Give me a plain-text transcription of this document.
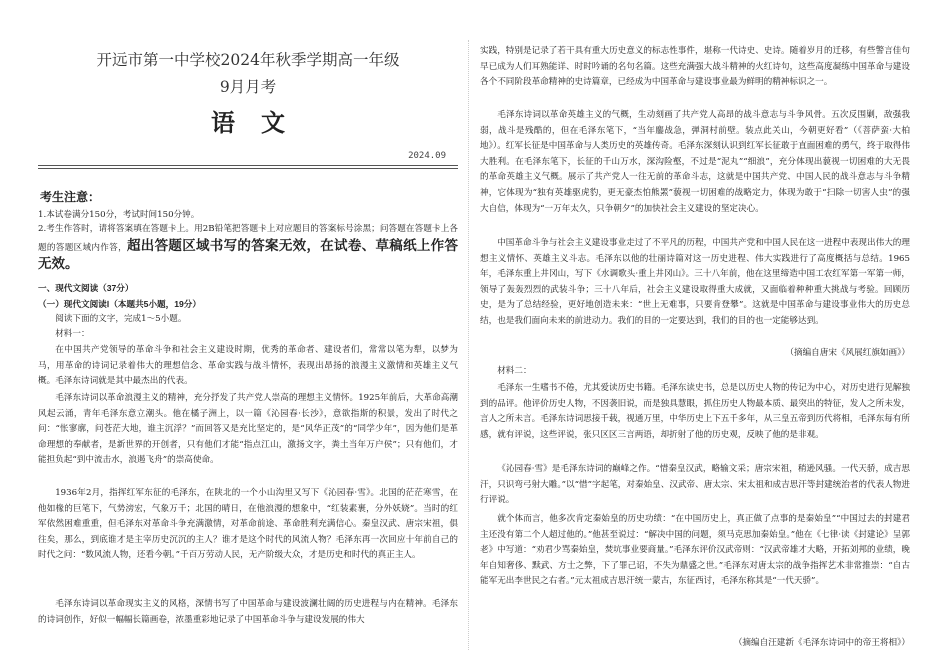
开远市第一中学校2024年秋季学期高一年级
9月月考
语文
2024.09
考生注意：

1.本试卷满分150分，考试时间150分钟。

2.考生作答时，请将答案填在答题卡上。用2B铅笔把答题卡上对应题目的答案标号涂黑；问答题在答题卡上各题的答题区域内作答，超出答题区域书写的答案无效，在试卷、草稿纸上作答无效。

一、现代文阅读（37分）
（一）现代文阅读Ⅰ（本题共5小题，19分）

阅读下面的文字，完成1～5小题。

材料一：

在中国共产党领导的革命斗争和社会主义建设时期，优秀的革命者、建设者们，常常以笔为犁，以梦为马，用革命的诗词记录着伟大的理想信念、革命实践与战斗情怀，表现出昂扬的浪漫主义激情和英雄主义气概。毛泽东诗词就是其中最杰出的代表。

毛泽东诗词以革命浪漫主义的精神，充分抒发了共产党人崇高的理想主义情怀。1925年前后，大革命高潮风起云涌，青年毛泽东意立潮头。他在橘子洲上，以一篇《沁园春·长沙》，意欲指斯的积景，发出了时代之问：“怅寥廓，问苍茫大地，谁主沉浮？”而回答又是充比坚定的，是“风华正茂”的“同学少年”，因为他们是革命理想的奉献者，是新世界的开创者，只有他们才能“指点江山，激扬文字，粪土当年万户侯”；只有他们，才能担负起“到中流击水，浪遏飞舟”的崇高使命。

1936年2月，指挥红军东征的毛泽东，在陕北的一个小山沟里又写下《沁园春·雪》。北国的茫茫寒雪，在他如椽的巨笔下，气势滂宏，气象万千；北国的晴日，在他浪漫的想象中，“红装素裹，分外妖娆”。当时的红军依然困难重重，但毛泽东对革命斗争充满激情，对革命前途、革命胜利充满信心。秦皇汉武、唐宗宋祖，俱往矣，那么，到底谁才是主宰历史沉沉的主人？谁才是这个时代的风流人物？毛泽东再一次回应十年前自己的时代之问：“数风流人物，还看今朝。”千百万劳动人民，无产阶级大众，才是历史和时代的真正主人。

毛泽东诗词以革命现实主义的风格，深情书写了中国革命与建设波澜壮阔的历史进程与内在精神。毛泽东的诗词创作，好似一幅幅长篇画卷，浓墨重彩地记录了中国革命斗争与建设发展的伟大

实践，特别是记录了若干具有重大历史意义的标志性事件，堪称一代诗史、史诗。随着岁月的迁移，有些警言佳句早已成为人们耳熟能详、时时吟诵的名句名篇。这些充满强大战斗精神的火红诗句，这些高度凝练中国革命与建设各个不同阶段革命精神的史诗篇章，已经成为中国革命与建设事业最为鲜明的精神标识之一。

毛泽东诗词以革命英雄主义的气概，生动刻画了共产党人高昂的战斗意志与斗争风骨。五次反围剿，敌强我弱，战斗是残酷的，但在毛泽东笔下，“当年鏖战急，弹洞村前壁。装点此关山，今朝更好看”（《菩萨蛮·大柏地》）。红军长征是中国革命与人类历史的英雄传奇。毛泽东深刻认识到红军长征敢于直面困难的勇气，终于取得伟大胜利。在毛泽东笔下，长征的千山万水，深沟险壑，不过是“泥丸”“细浪”，充分体现出藐视一切困难的大无畏的革命英雄主义气概。展示了共产党人一往无前的革命斗志，这就是中国共产党、中国人民的战斗意志与斗争精神，它体现为“独有英雄驱虎豹，更无豪杰怕熊罴”藐视一切困难的战略定力，体现为敢于“扫除一切害人虫”的强大自信，体现为“一万年太久，只争朝夕”的加快社会主义建设的坚定决心。

中国革命斗争与社会主义建设事业走过了不平凡的历程，中国共产党和中国人民在这一进程中表现出伟大的理想主义情怀、英雄主义斗志。毛泽东以他的壮丽诗篇对这一历史进程、伟大实践进行了高度概括与总结。1965年，毛泽东重上井冈山，写下《水调歌头·重上井冈山》。三十八年前，他在这里缔造中国工农红军第一军第一师，领导了轰轰烈烈的武装斗争；三十八年后，社会主义建设取得重大成就，又面临着种种重大挑战与考验。回顾历史，是为了总结经验，更好地创造未来：“世上无难事，只要肯登攀”。这就是中国革命与建设事业伟大的历史总结，也是我们面向未来的前进动力。我们的目的一定要达到，我们的目的也一定能够达到。

（摘编自唐宋《风展红旗如画》）

材料二：

毛泽东一生嗜书不倦，尤其爱读历史书籍。毛泽东读史书，总是以历史人物的传记为中心，对历史进行见解独到的品评。他评价历史人物，不因袭旧说，而是独具慧眼，抓住历史人物最本质、最突出的特征，发人之所未发，言人之所未言。毛泽东诗词思接千载，视通万里，中华历史上下五千多年，从三皇五帝到历代将相，毛泽东每有所感，就有评说，这些评说，张只区区三言两语，却折射了他的历史观，反映了他的是非观。

《沁园春·雪》是毛泽东诗词的巅峰之作。“惜秦皇汉武，略输文采；唐宗宋祖，稍逊风骚。一代天骄，成吉思汗，只识弯弓射大雕。”以“惜”字起笔，对秦始皇、汉武帝、唐太宗、宋太祖和成吉思汗等封建统治者的代表人物进行评说。

就个体而言，他多次肯定秦始皇的历史功绩：“在中国历史上，真正做了点事的是秦始皇”“中国过去的封建君主还没有第二个人超过他的。”他甚至说过：“解决中国的问题，须马克思加秦始皇。”他在《七律·读《封建论》呈郭老》中写道：“劝君少骂秦始皇，焚坑事业要商量。”毛泽东评价汉武帝则：“汉武帝雄才大略，开拓刘邦的业绩，晚年自知奢侈、黩武、方士之弊，下了罪己诏，不失为鼎盛之世。”毛泽东对唐太宗的战争指挥艺术非常推崇：“自古能军无出李世民之右者。”元太祖成吉思汗统一蒙古，东征西讨，毛泽东称其是“一代天骄”。

（摘编自汪建新《毛泽东诗词中的帝王将相》）
